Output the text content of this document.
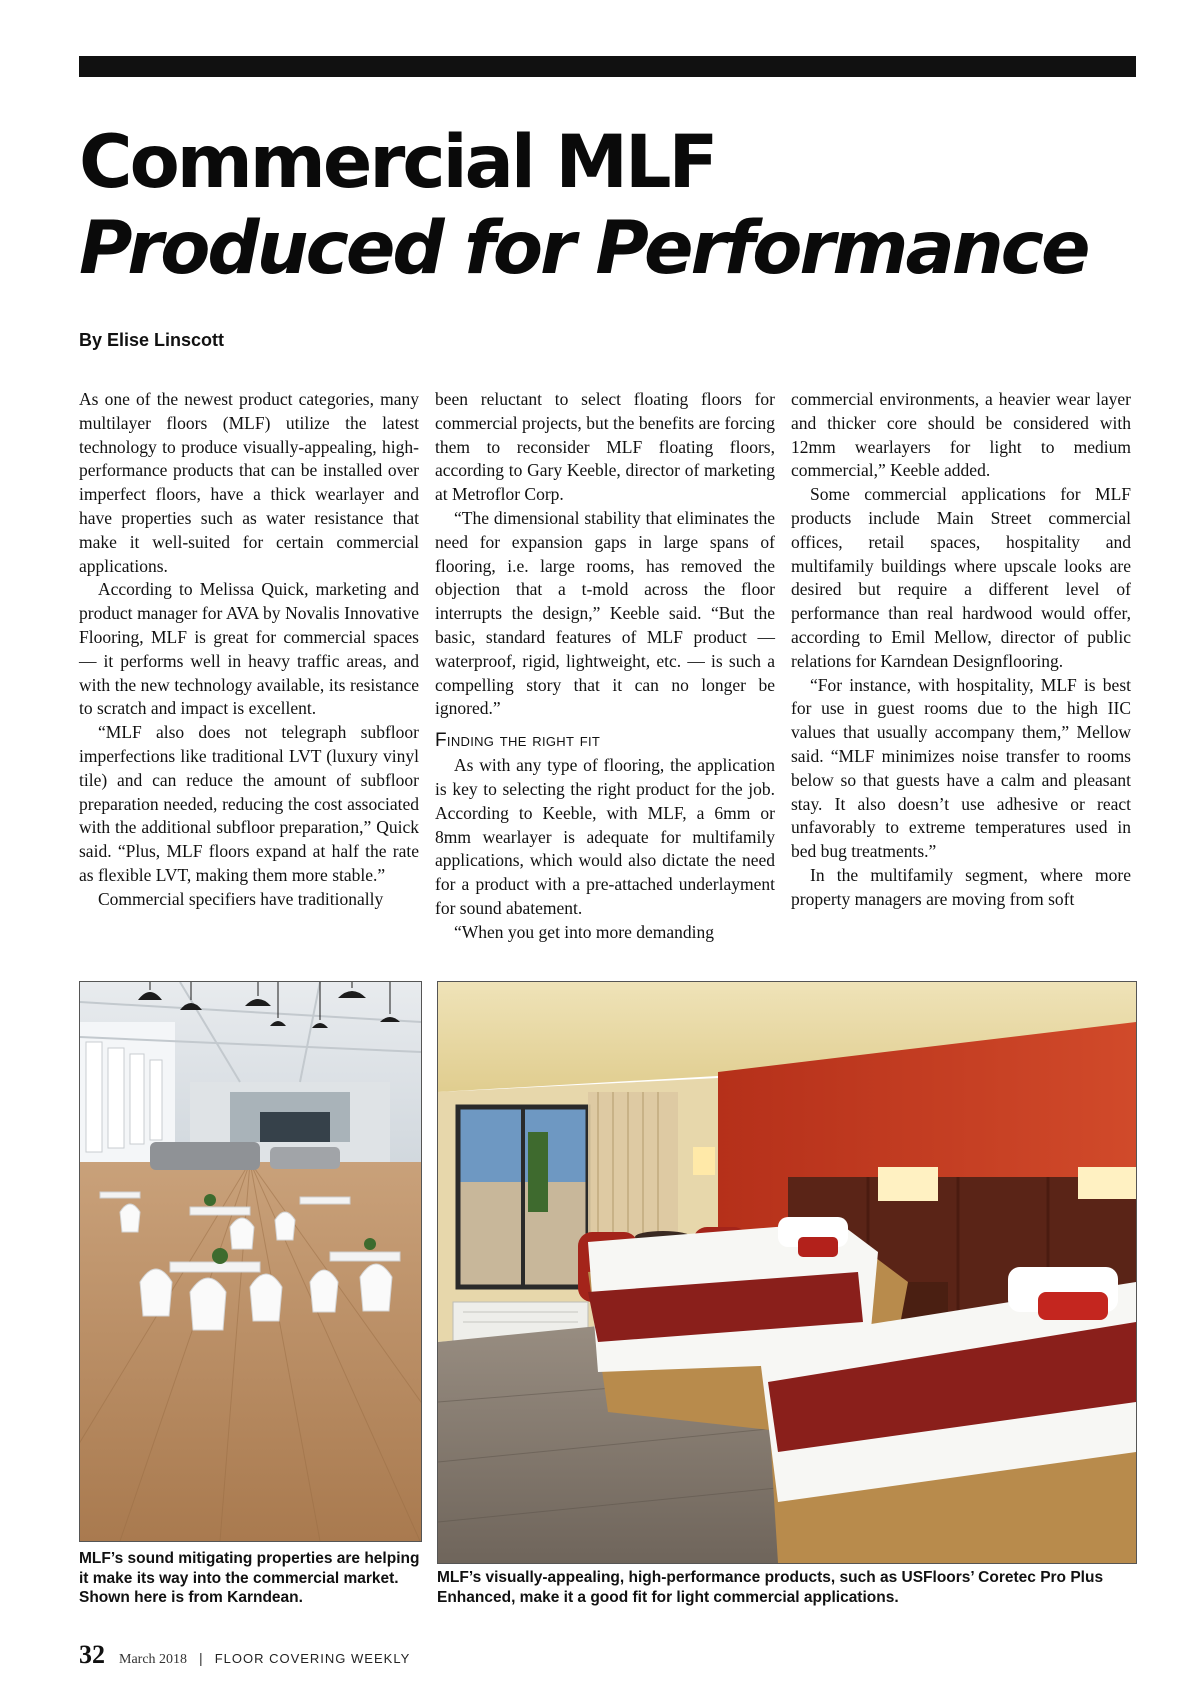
Commercial MLF
Produced for Performance
By Elise Linscott

As one of the newest product categories, many multilayer floors (MLF) utilize the latest technology to produce visually-appealing, high-performance products that can be installed over imperfect floors, have a thick wearlayer and have properties such as water resistance that make it well-suited for certain commercial applications.

According to Melissa Quick, marketing and product manager for AVA by Novalis Innovative Flooring, MLF is great for commercial spaces — it performs well in heavy traffic areas, and with the new technology available, its resistance to scratch and impact is excellent.

“MLF also does not telegraph subfloor imperfections like traditional LVT (luxury vinyl tile) and can reduce the amount of subfloor preparation needed, reducing the cost associated with the additional subfloor preparation,” Quick said. “Plus, MLF floors expand at half the rate as flexible LVT, making them more stable.”

Commercial specifiers have traditionally

been reluctant to select floating floors for commercial projects, but the benefits are forcing them to reconsider MLF floating floors, according to Gary Keeble, director of marketing at Metroflor Corp.

“The dimensional stability that eliminates the need for expansion gaps in large spans of flooring, i.e. large rooms, has removed the objection that a t-mold across the floor interrupts the design,” Keeble said. “But the basic, standard features of MLF product — waterproof, rigid, lightweight, etc. — is such a compelling story that it can no longer be ignored.”

Finding the right fit

As with any type of flooring, the application is key to selecting the right product for the job. According to Keeble, with MLF, a 6mm or 8mm wearlayer is adequate for multifamily applications, which would also dictate the need for a product with a pre-attached underlayment for sound abatement.

“When you get into more demanding

commercial environments, a heavier wear layer and thicker core should be considered with 12mm wearlayers for light to medium commercial,” Keeble added.

Some commercial applications for MLF products include Main Street commercial offices, retail spaces, hospitality and multifamily buildings where upscale looks are desired but require a different level of performance than real hardwood would offer, according to Emil Mellow, director of public relations for Karndean Designflooring.

“For instance, with hospitality, MLF is best for use in guest rooms due to the high IIC values that usually accompany them,” Mellow said. “MLF minimizes noise transfer to rooms below so that guests have a calm and pleasant stay. It also doesn’t use adhesive or react unfavorably to extreme temperatures used in bed bug treatments.”

In the multifamily segment, where more property managers are moving from soft

MLF’s sound mitigating properties are helping it make its way into the commercial market. Shown here is from Karndean.
MLF’s visually-appealing, high-performance products, such as USFloors’ Coretec Pro Plus Enhanced, make it a good fit for light commercial applications.
32 March 2018 | FLOOR COVERING WEEKLY
